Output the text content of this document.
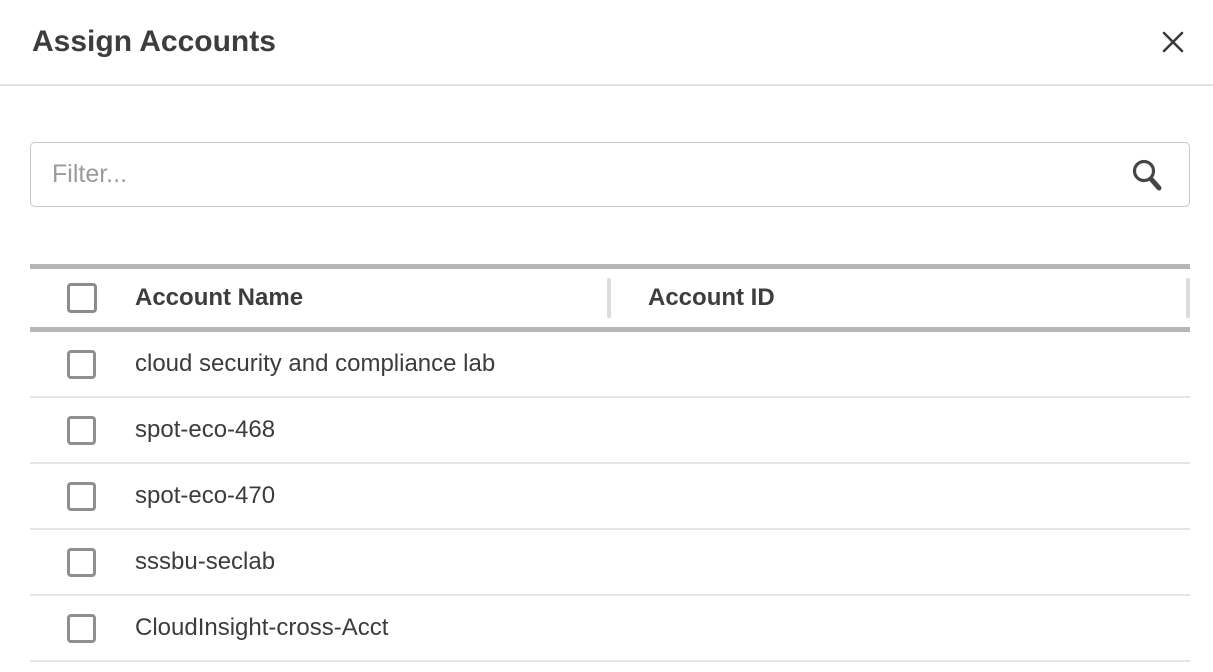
Assign Accounts
Filter...
Account Name	Account ID
cloud security and compliance lab
spot-eco-468
spot-eco-470
sssbu-seclab
CloudInsight-cross-Acct
